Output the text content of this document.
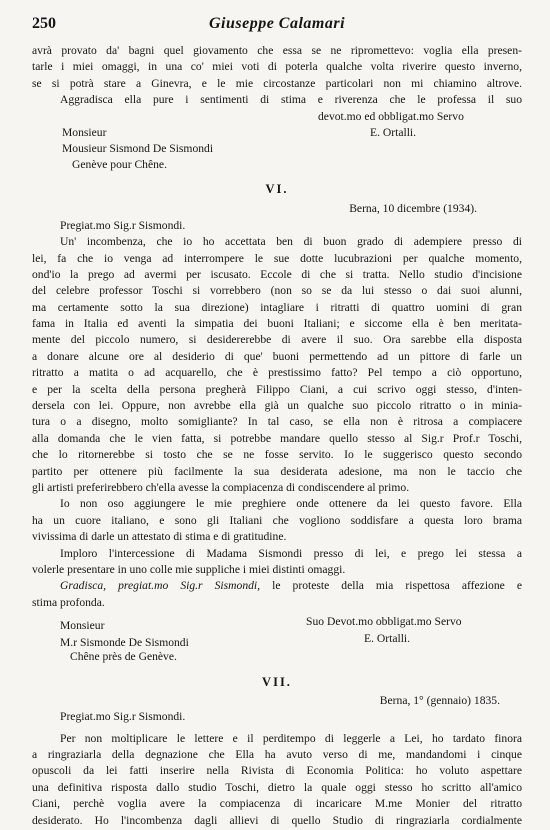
250	Giuseppe Calamari
avrà provato da' bagni quel giovamento che essa se ne ripromettevo: voglia ella presen-
tarle i miei omaggi, in una co' miei voti di poterla qualche volta riverire questo inverno,
se si potrà stare a Ginevra, e le mie circostanze particolari non mi chiamino altrove.
Aggradisca ella pure i sentimenti di stima e riverenza che le professa il suo
devot.mo ed obbligat.mo Servo
Monsieur	E. Ortalli.
Mousieur Sismond De Sismondi
Genève pour Chêne.
VI.
Berna, 10 dicembre (1934).
Pregiat.mo Sig.r Sismondi.
Un' incombenza, che io ho accettata ben di buon grado di adempiere presso di
lei, fa che io venga ad interrompere le sue dotte lucubrazioni per qualche momento,
ond'io la prego ad avermi per iscusato. Eccole di che si tratta. Nello studio d'incisione
del celebre professor Toschi si vorrebbero (non so se da lui stesso o dai suoi alunni,
ma certamente sotto la sua direzione) intagliare i ritratti di quattro uomini di gran
fama in Italia ed aventi la simpatia dei buoni Italiani; e siccome ella è ben meritata-
mente del piccolo numero, si desidererebbe di avere il suo. Ora sarebbe ella disposta
a donare alcune ore al desiderio di que' buoni permettendo ad un pittore di farle un
ritratto a matita o ad acquarello, che è prestissimo fatto? Pel tempo a ciò opportuno,
e per la scelta della persona pregherà Filippo Ciani, a cui scrivo oggi stesso, d'inten-
dersela con lei. Oppure, non avrebbe ella già un qualche suo piccolo ritratto o in minia-
tura o a disegno, molto somigliante? In tal caso, se ella non è ritrosa a compiacere
alla domanda che le vien fatta, si potrebbe mandare quello stesso al Sig.r Prof.r Toschi,
che lo ritornerebbe si tosto che se ne fosse servito. Io le suggerisco questo secondo
partito per ottenere più facilmente la sua desiderata adesione, ma non le taccio che
gli artisti preferirebbero ch'ella avesse la compiacenza di condiscendere al primo.
Io non oso aggiungere le mie preghiere onde ottenere da lei questo favore. Ella
ha un cuore italiano, e sono gli Italiani che vogliono soddisfare a questa loro brama
vivissima di darle un attestato di stima e di gratitudine.
Imploro l'intercessione di Madama Sismondi presso di lei, e prego lei stessa a
volerle presentare in uno colle mie suppliche i miei distinti omaggi.
Gradisca, pregiat.mo Sig.r Sismondi, le proteste della mia rispettosa affezione e
stima profonda.
Monsieur	Suo Devot.mo obbligat.mo Servo
M.r Sismonde De Sismondi	E. Ortalli.
Chêne près de Genève.
VII.
Berna, 1° (gennaio) 1835.
Pregiat.mo Sig.r Sismondi.
Per non moltiplicare le lettere e il perditempo di leggerle a Lei, ho tardato finora
a ringraziarla della degnazione che Ella ha avuto verso di me, mandandomi i cinque
opuscoli da lei fatti inserire nella Rivista di Economia Politica: ho voluto aspettare
una definitiva risposta dallo studio Toschi, dietro la quale oggi stesso ho scritto all'amico
Ciani, perchè voglia avere la compiacenza di incaricare M.me Monier del ritratto
desiderato. Ho l'incombenza dagli allievi di quello Studio di ringraziarla cordialmente
